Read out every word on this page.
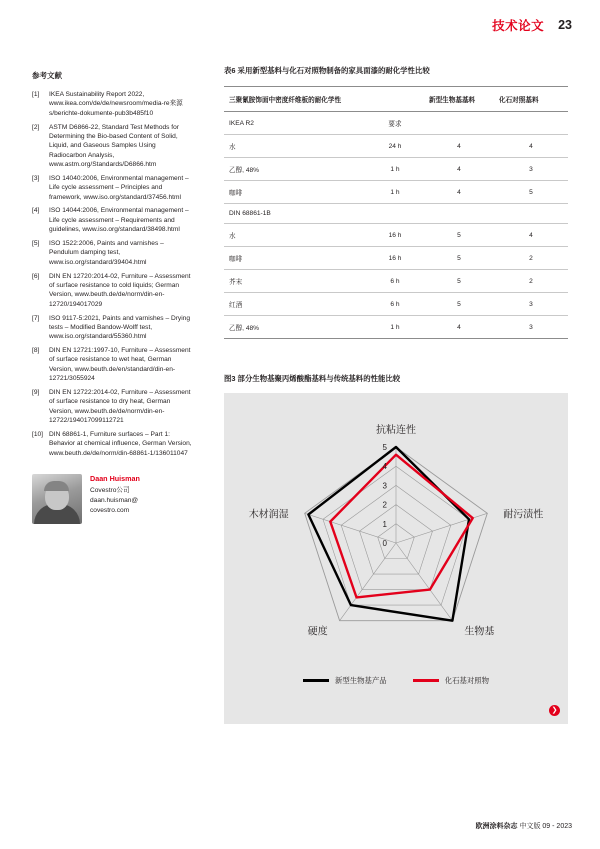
技术论文 23
参考文献
[1]	IKEA Sustainability Report 2022, www.ikea.com/de/de/newsroom/media-re来源s/berichte-dokumente-pub3b485f10
[2]	ASTM D6866-22, Standard Test Methods for Determining the Bio-based Content of Solid, Liquid, and Gaseous Samples Using Radiocarbon Analysis, www.astm.org/Standards/D6866.htm
[3]	ISO 14040:2006, Environmental management – Life cycle assessment – Principles and framework, www.iso.org/standard/37456.html
[4]	ISO 14044:2006, Environmental management – Life cycle assessment – Requirements and guidelines, www.iso.org/standard/38498.html
[5]	ISO 1522:2006, Paints and varnishes – Pendulum damping test, www.iso.org/standard/39404.html
[6]	DIN EN 12720:2014-02, Furniture – Assessment of surface resistance to cold liquids; German Version, www.beuth.de/de/norm/din-en-12720/194017029
[7]	ISO 9117-5:2021, Paints and varnishes – Drying tests – Modified Bandow-Wolff test, www.iso.org/standard/55360.html
[8]	DIN EN 12721:1997-10, Furniture – Assessment of surface resistance to wet heat, German Version, www.beuth.de/en/standard/din-en-12721/3055924
[9]	DIN EN 12722:2014-02, Furniture – Assessment of surface resistance to dry heat, German Version, www.beuth.de/de/norm/din-en-12722/194017099112721
[10] DIN 68861-1, Furniture surfaces – Part 1: Behavior at chemical influence, German Version, www.beuth.de/de/norm/din-68861-1/136011047
Daan Huisman
Covestro公司
daan.huisman@
covestro.com
表6 采用新型基料与化石对照物制备的家具面漆的耐化学性比较
三聚氰胺饰面中密度纤维板的耐化学性		新型生物基基料	化石对照基料
IKEA R2	要求		
水	24 h	4	4
乙醇, 48%	1 h	4	3
咖啡	1 h	4	5
DIN 68861-1B			
水	16 h	5	4
咖啡	16 h	5	2
芥末	6 h	5	2
红酒	6 h	5	3
乙醇, 48%	1 h	4	3
图3 部分生物基聚丙烯酸酯基料与传统基料的性能比较
抗粘连性
耐污渍性
生物基
硬度
木材润湿
0
1
2
3
4
5
新型生物基产品	化石基对照物
❯
欧洲涂料杂志 中文版 09 - 2023
